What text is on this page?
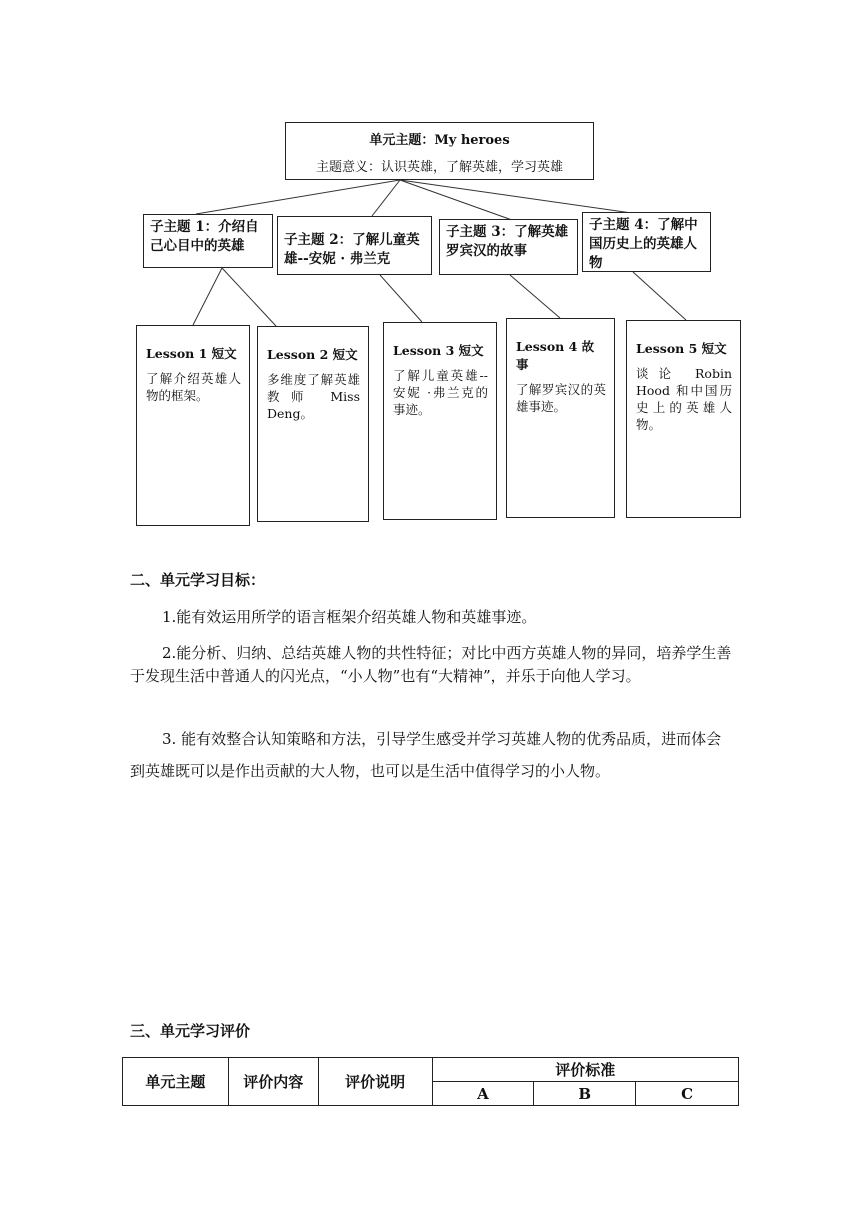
单元主题：My heroes
主题意义：认识英雄，了解英雄，学习英雄
子主题 1：介绍自己心目中的英雄	子主题 2：了解儿童英雄--安妮 · 弗兰克
子主题 3：了解英雄罗宾汉的故事
子主题 4：了解中国历史上的英雄人物
Lesson 1 短文
了解介绍英雄人物的框架。
Lesson 2 短文
多维度了解英雄教师 Miss Deng。
Lesson 3 短文
了解儿童英雄--安妮 ·弗兰克的事迹。
Lesson 4 故事
了解罗宾汉的英雄事迹。
Lesson 5 短文
谈论 Robin Hood 和中国历史上的英雄人物。
二、单元学习目标：
1.能有效运用所学的语言框架介绍英雄人物和英雄事迹。
2.能分析、归纳、总结英雄人物的共性特征；对比中西方英雄人物的异同，培养学生善于发现生活中普通人的闪光点，“小人物”也有“大精神”，并乐于向他人学习。
3. 能有效整合认知策略和方法，引导学生感受并学习英雄人物的优秀品质，进而体会到英雄既可以是作出贡献的大人物，也可以是生活中值得学习的小人物。
三、单元学习评价
单元主题	评价内容	评价说明	评价标准		
			A	B	C
